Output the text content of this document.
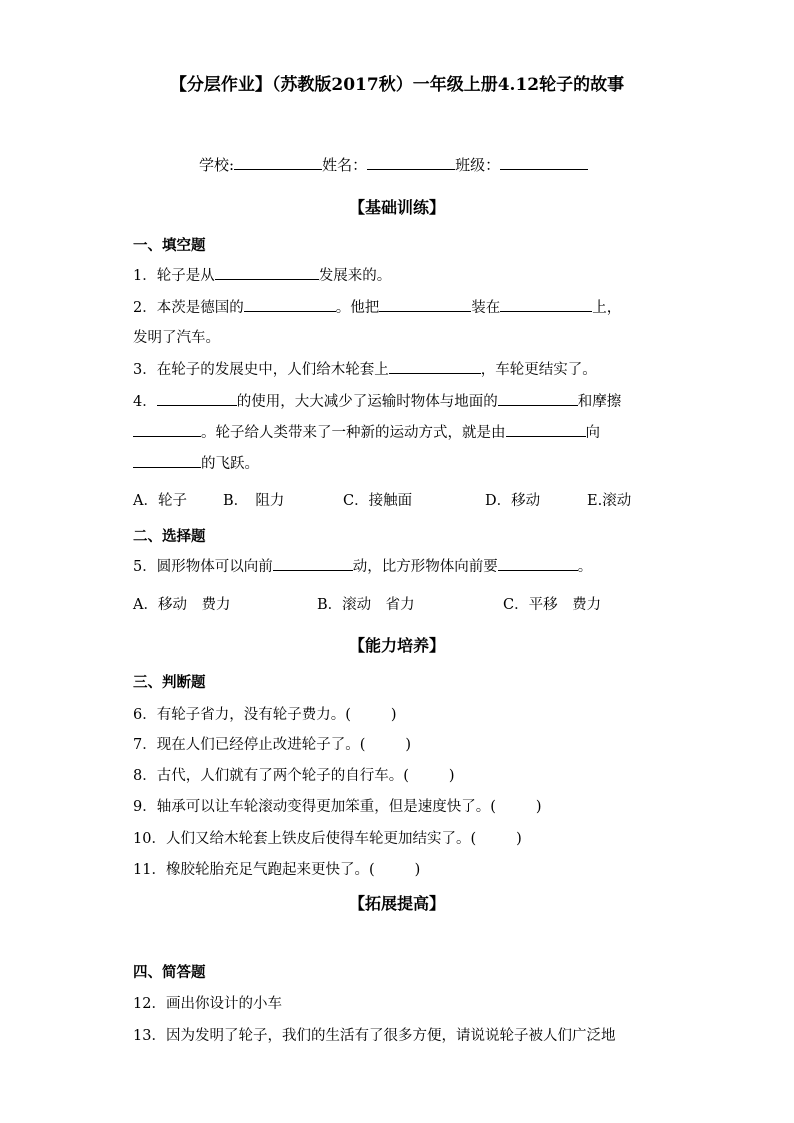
【分层作业】（苏教版2017秋）一年级上册4.12轮子的故事
学校:	姓名：	班级：
【基础训练】
一、填空题
1．轮子是从	发展来的。
2．本茨是德国的	。他把	装在	上，
发明了汽车。
3．在轮子的发展史中，人们给木轮套上	，车轮更结实了。
4．	的使用，大大减少了运输时物体与地面的	和摩擦
。轮子给人类带来了一种新的运动方式，就是由	向
的飞跃。
A．轮子 B．　阻力	C．接触面	D．移动	E.滚动
二、选择题
5．圆形物体可以向前	动，比方形物体向前要	。
A．移动　费力	B．滚动　省力	C．平移　费力
【能力培养】
三、判断题
6．有轮子省力，没有轮子费力。(	)
7．现在人们已经停止改进轮子了。(	)
8．古代，人们就有了两个轮子的自行车。(	)
9．轴承可以让车轮滚动变得更加笨重，但是速度快了。(	)
10．人们又给木轮套上铁皮后使得车轮更加结实了。(	)
11．橡胶轮胎充足气跑起来更快了。(	)
【拓展提高】
四、简答题
12．画出你设计的小车
13．因为发明了轮子，我们的生活有了很多方便，请说说轮子被人们广泛地
